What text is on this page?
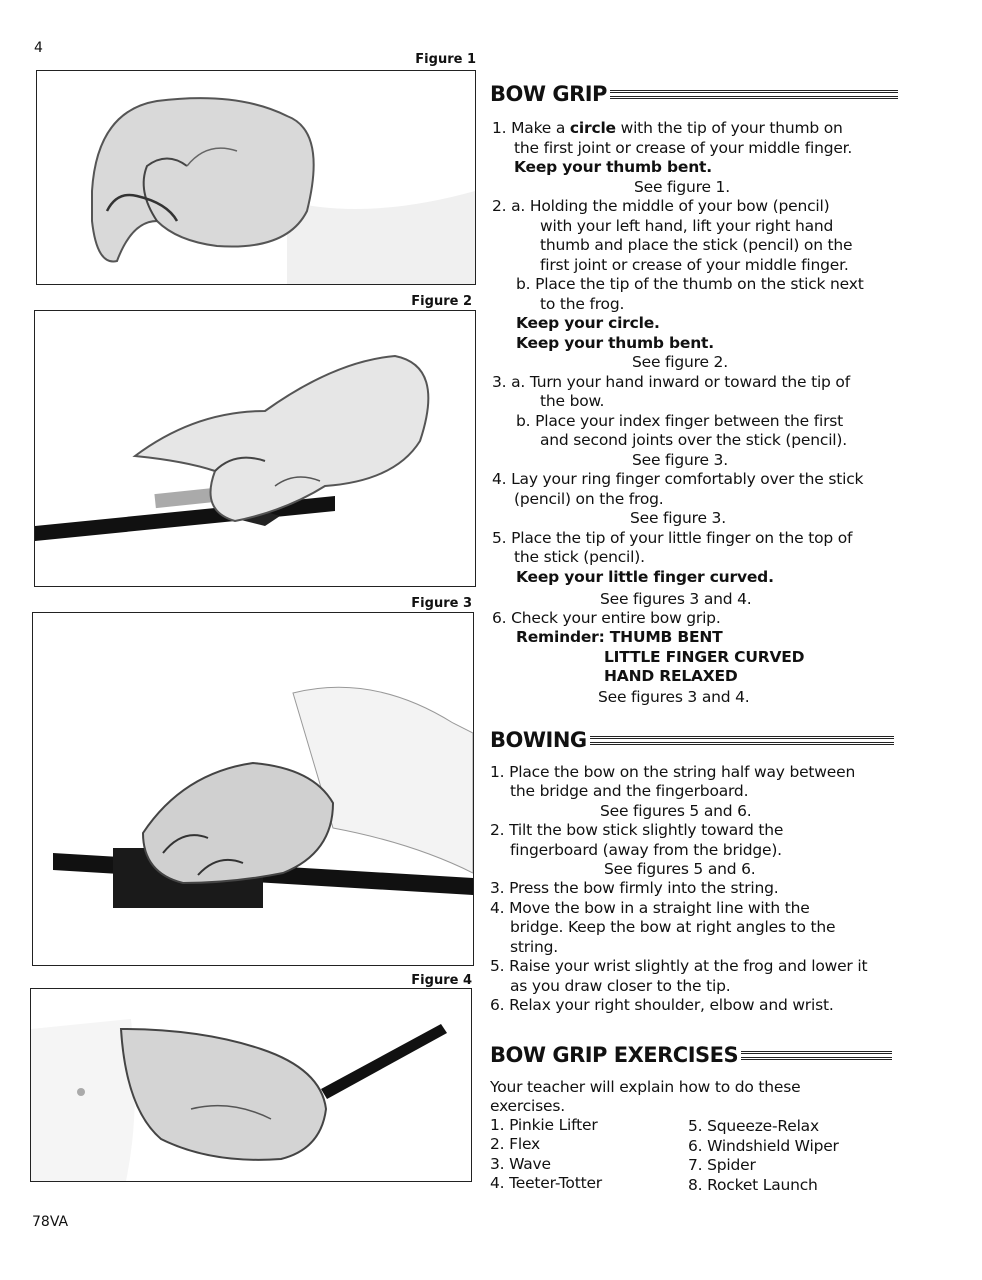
4
78VA
Figure 1
Figure 2
Figure 3
Figure 4
BOW GRIP
1. Make a circle with the tip of your thumb on
the first joint or crease of your middle finger.
Keep your thumb bent.
See figure 1.
2. a. Holding the middle of your bow (pencil)
with your left hand, lift your right hand
thumb and place the stick (pencil) on the
first joint or crease of your middle finger.
b. Place the tip of the thumb on the stick next
to the frog.
Keep your circle.
Keep your thumb bent.
See figure 2.
3. a. Turn your hand inward or toward the tip of
the bow.
b. Place your index finger between the first
and second joints over the stick (pencil).
See figure 3.
4. Lay your ring finger comfortably over the stick
(pencil) on the frog.
See figure 3.
5. Place the tip of your little finger on the top of
the stick (pencil).
Keep your little finger curved.
See figures 3 and 4.
6. Check your entire bow grip.
Reminder: THUMB BENT
LITTLE FINGER CURVED
HAND RELAXED
See figures 3 and 4.
BOWING
1. Place the bow on the string half way between
the bridge and the fingerboard.
See figures 5 and 6.
2. Tilt the bow stick slightly toward the
fingerboard (away from the bridge).
See figures 5 and 6.
3. Press the bow firmly into the string.
4. Move the bow in a straight line with the
bridge. Keep the bow at right angles to the
string.
5. Raise your wrist slightly at the frog and lower it
as you draw closer to the tip.
6. Relax your right shoulder, elbow and wrist.
BOW GRIP EXERCISES
Your teacher will explain how to do these
exercises.
1. Pinkie Lifter
2. Flex
3. Wave
4. Teeter-Totter
5. Squeeze-Relax
6. Windshield Wiper
7. Spider
8. Rocket Launch
